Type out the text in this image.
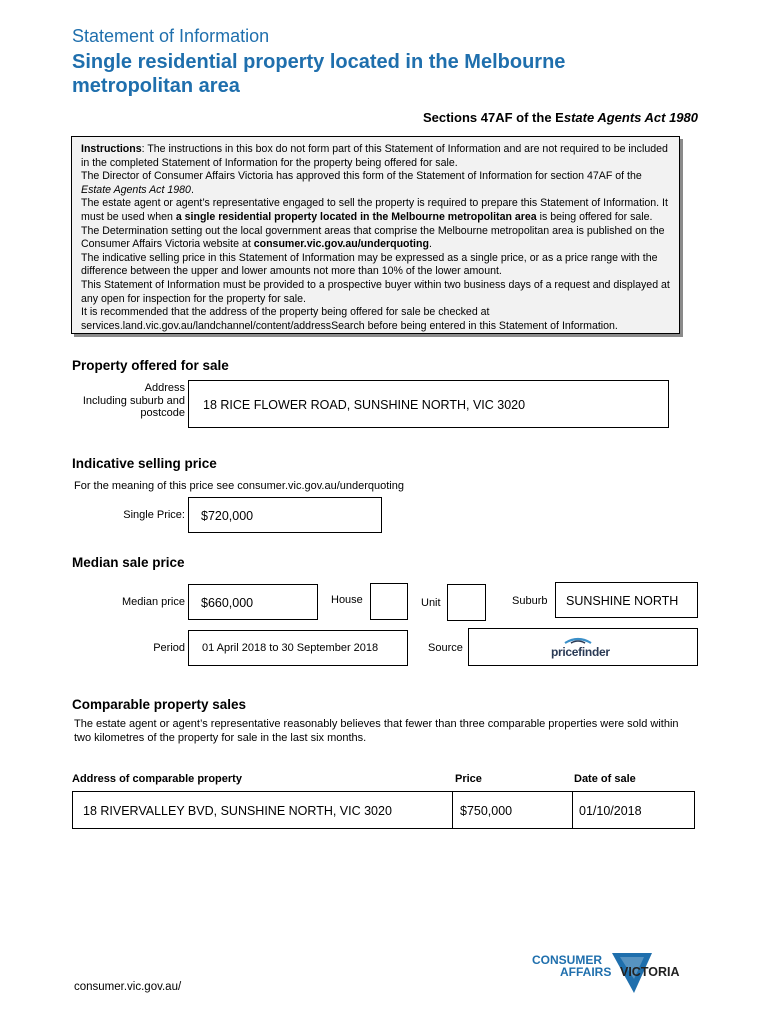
Statement of Information
Single residential property located in the Melbourne metropolitan area
Sections 47AF of the Estate Agents Act 1980

Instructions: The instructions in this box do not form part of this Statement of Information and are not required to be included in the completed Statement of Information for the property being offered for sale.

The Director of Consumer Affairs Victoria has approved this form of the Statement of Information for section 47AF of the Estate Agents Act 1980.

The estate agent or agent’s representative engaged to sell the property is required to prepare this Statement of Information. It must be used when a single residential property located in the Melbourne metropolitan area is being offered for sale. The Determination setting out the local government areas that comprise the Melbourne metropolitan area is published on the Consumer Affairs Victoria website at consumer.vic.gov.au/underquoting.

The indicative selling price in this Statement of Information may be expressed as a single price, or as a price range with the difference between the upper and lower amounts not more than 10% of the lower amount.

This Statement of Information must be provided to a prospective buyer within two business days of a request and displayed at any open for inspection for the property for sale.

It is recommended that the address of the property being offered for sale be checked at services.land.vic.gov.au/landchannel/content/addressSearch before being entered in this Statement of Information.

Property offered for sale
Address
Including suburb and
postcode
18 RICE FLOWER ROAD, SUNSHINE NORTH, VIC 3020
Indicative selling price
For the meaning of this price see consumer.vic.gov.au/underquoting
Single Price:	$720,000
Median sale price
Median price	$660,000	House	Unit	Suburb	SUNSHINE NORTH
Period	01 April 2018 to 30 September 2018	Source	pricefinder
Comparable property sales
The estate agent or agent’s representative reasonably believes that fewer than three comparable properties were sold within two kilometres of the property for sale in the last six months.
Address of comparable property	Price	Date of sale
18 RIVERVALLEY BVD, SUNSHINE NORTH, VIC 3020	$750,000	01/10/2018
consumer.vic.gov.au/
CONSUMER
AFFAIRS VICTORIA
